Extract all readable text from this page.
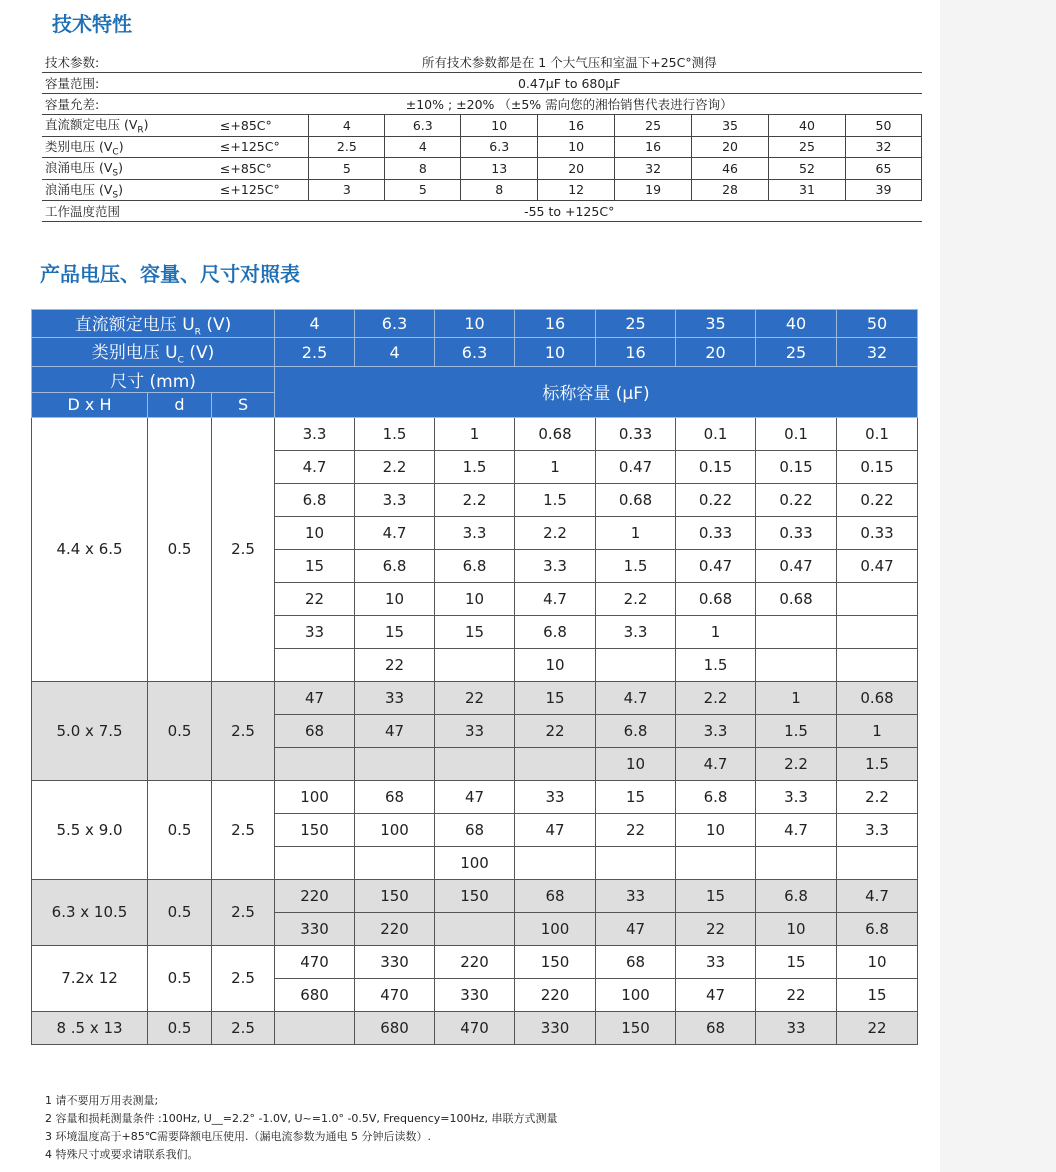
技术特性
技术参数:	所有技术参数都是在 1 个大气压和室温下+25C°测得								
容量范围:	0.47μF to 680μF								
容量允差:	±10% ; ±20% （±5% 需向您的湘怡销售代表进行咨询）								
直流额定电压 $(V_R)$	≤+85C°	4	6.3	10	16	25	35	40	50
类别电压 $(V_C)$	≤+125C°	2.5	4	6.3	10	16	20	25	32
浪涌电压 $(V_S)$	≤+85C°	5	8	13	20	32	46	52	65
浪涌电压 $(V_S)$	≤+125C°	3	5	8	12	19	28	31	39
工作温度范围	-55 to +125C°								
产品电压、容量、尺寸对照表
直流额定电压 $U_R$ (V)			4	6.3	10	16	25	35	40	50
类别电压 $U_C$ (V)			2.5	4	6.3	10	16	20	25	32
尺寸 (mm)			标称容量 (μF)							
D x H	d	S								
4.4 x 6.5	0.5	2.5	3.3	1.5	1	0.68	0.33	0.1	0.1	0.1
			4.7	2.2	1.5	1	0.47	0.15	0.15	0.15
			6.8	3.3	2.2	1.5	0.68	0.22	0.22	0.22
			10	4.7	3.3	2.2	1	0.33	0.33	0.33
			15	6.8	6.8	3.3	1.5	0.47	0.47	0.47
			22	10	10	4.7	2.2	0.68	0.68	
			33	15	15	6.8	3.3	1		
				22		10		1.5		
5.0 x 7.5	0.5	2.5	47	33	22	15	4.7	2.2	1	0.68
			68	47	33	22	6.8	3.3	1.5	1
							10	4.7	2.2	1.5
5.5 x 9.0	0.5	2.5	100	68	47	33	15	6.8	3.3	2.2
			150	100	68	47	22	10	4.7	3.3
					100					
6.3 x 10.5	0.5	2.5	220	150	150	68	33	15	6.8	4.7
			330	220		100	47	22	10	6.8
7.2x 12	0.5	2.5	470	330	220	150	68	33	15	10
			680	470	330	220	100	47	22	15
8 .5 x 13	0.5	2.5		680	470	330	150	68	33	22
1 请不要用万用表测量;
2 容量和损耗测量条件 :100Hz, U__=2.2° -1.0V, U~=1.0° -0.5V, Frequency=100Hz, 串联方式测量
3 环境温度高于+85℃需要降额电压使用.（漏电流参数为通电 5 分钟后读数）.
4 特殊尺寸或要求请联系我们。
